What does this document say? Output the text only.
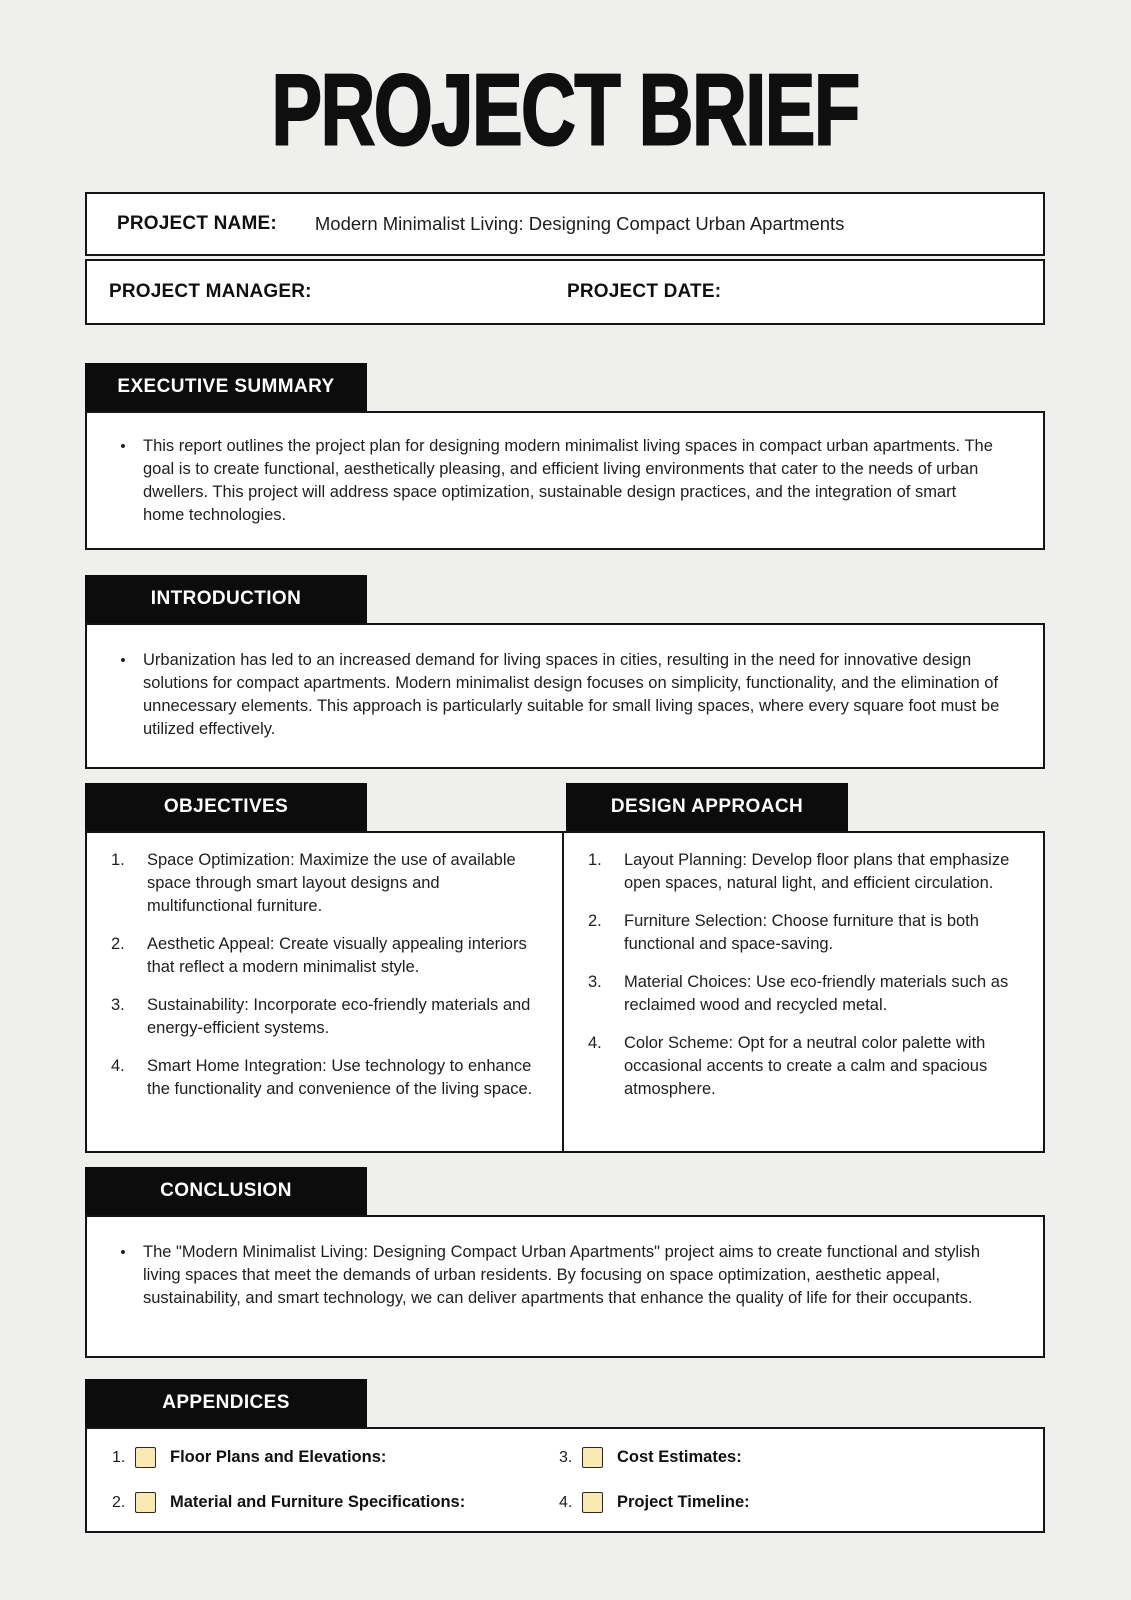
PROJECT BRIEF
PROJECT NAME: Modern Minimalist Living: Designing Compact Urban Apartments
PROJECT MANAGER:	PROJECT DATE:
EXECUTIVE SUMMARY
• This report outlines the project plan for designing modern minimalist living spaces in compact urban apartments. The goal is to create functional, aesthetically pleasing, and efficient living environments that cater to the needs of urban dwellers. This project will address space optimization, sustainable design practices, and the integration of smart home technologies.

INTRODUCTION
• Urbanization has led to an increased demand for living spaces in cities, resulting in the need for innovative design solutions for compact apartments. Modern minimalist design focuses on simplicity, functionality, and the elimination of unnecessary elements. This approach is particularly suitable for small living spaces, where every square foot must be utilized effectively.

OBJECTIVES
1.	Space Optimization: Maximize the use of available space through smart layout designs and multifunctional furniture.
2.	Aesthetic Appeal: Create visually appealing interiors that reflect a modern minimalist style.
3.	Sustainability: Incorporate eco-friendly materials and energy-efficient systems.
4.	Smart Home Integration: Use technology to enhance the functionality and convenience of the living space.
DESIGN APPROACH
1.	Layout Planning: Develop floor plans that emphasize open spaces, natural light, and efficient circulation.
2.	Furniture Selection: Choose furniture that is both functional and space-saving.
3.	Material Choices: Use eco-friendly materials such as reclaimed wood and recycled metal.
4.	Color Scheme: Opt for a neutral color palette with occasional accents to create a calm and spacious atmosphere.
CONCLUSION
• The "Modern Minimalist Living: Designing Compact Urban Apartments" project aims to create functional and stylish living spaces that meet the demands of urban residents. By focusing on space optimization, aesthetic appeal, sustainability, and smart technology, we can deliver apartments that enhance the quality of life for their occupants.

APPENDICES
1.	Floor Plans and Elevations:	3.	Cost Estimates:
2.	Material and Furniture Specifications:	4.	Project Timeline:
